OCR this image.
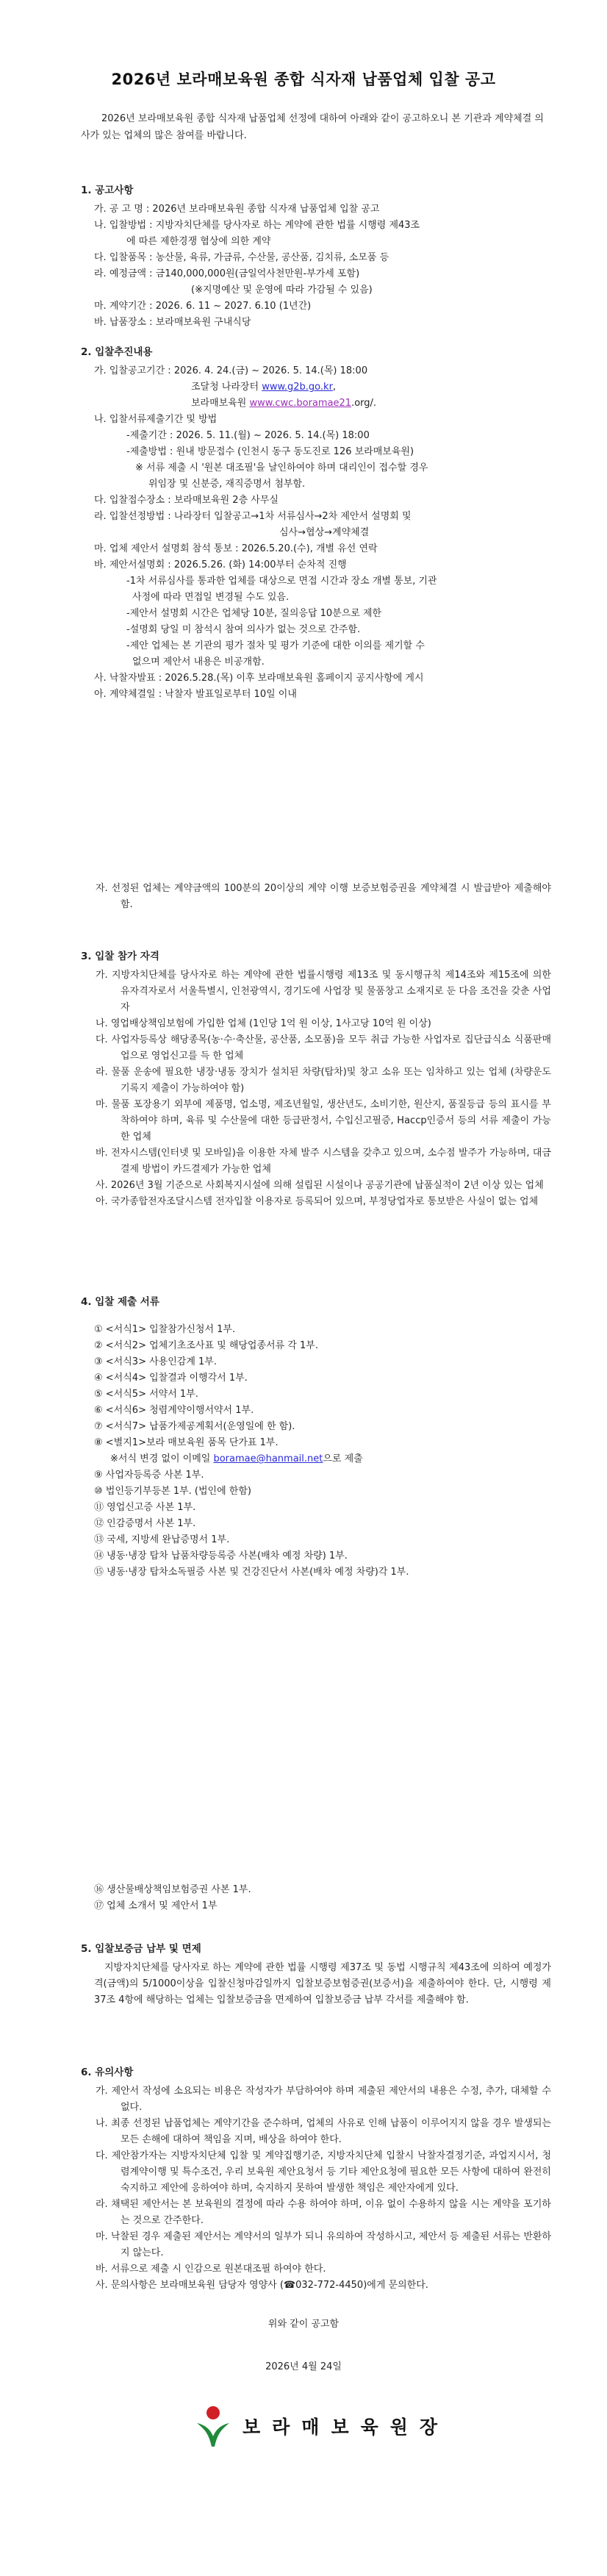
2026년 보라매보육원 종합 식자재 납품업체 입찰 공고
2026년 보라매보육원 종합 식자재 납품업체 선정에 대하여 아래와 같이 공고하오니 본 기관과 계약체결 의사가 있는 업체의 많은 참여를 바랍니다.
1. 공고사항
가. 공 고 명 : 2026년 보라매보육원 종합 식자재 납품업체 입찰 공고
나. 입찰방법 : 지방자치단체를 당사자로 하는 계약에 관한 법률 시행령 제43조
에 따른 제한경쟁 협상에 의한 계약
다. 입찰품목 : 농산물, 육류, 가금류, 수산물, 공산품, 김치류, 소모품 등
라. 예정금액 : 금140,000,000원(금일억사천만원-부가세 포함)
(※지명예산 및 운영에 따라 가감될 수 있음)
마. 계약기간 : 2026. 6. 11 ~ 2027. 6.10 (1년간)
바. 납품장소 : 보라매보육원 구내식당
2. 입찰추진내용
가. 입찰공고기간 : 2026. 4. 24.(금) ~ 2026. 5. 14.(목) 18:00
조달청 나라장터 www.g2b.go.kr,
보라매보육원 www.cwc.boramae21.org/.
나. 입찰서류제출기간 및 방법
-제출기간 : 2026. 5. 11.(월) ~ 2026. 5. 14.(목) 18:00
-제출방법 : 원내 방문접수 (인천시 동구 동도진로 126 보라매보육원)
※ 서류 제출 시 '원본 대조필'을 날인하여야 하며 대리인이 접수할 경우
위임장 및 신분증, 재직증명서 첨부함.
다. 입찰접수장소 : 보라매보육원 2층 사무실
라. 입찰선정방법 : 나라장터 입찰공고→1차 서류심사→2차 제안서 설명회 및
심사→협상→계약체결
마. 업체 제안서 설명회 참석 통보 : 2026.5.20.(수), 개별 유선 연락
바. 제안서설명회 : 2026.5.26. (화) 14:00부터 순차적 진행
-1차 서류심사를 통과한 업체를 대상으로 면접 시간과 장소 개별 통보, 기관
사정에 따라 면접일 변경될 수도 있음.
-제안서 설명회 시간은 업체당 10분, 질의응답 10분으로 제한
-설명회 당일 미 참석시 참여 의사가 없는 것으로 간주함.
-제안 업체는 본 기관의 평가 절차 및 평가 기준에 대한 이의를 제기할 수
없으며 제안서 내용은 비공개함.
사. 낙찰자발표 : 2026.5.28.(목) 이후 보라매보육원 홈페이지 공지사항에 게시
아. 계약체결일 : 낙찰자 발표일로부터 10일 이내
자. 선정된 업체는 계약금액의 100분의 20이상의 계약 이행 보증보험증권을 계약체결 시 발급받아 제출해야 함.
3. 입찰 참가 자격
가. 지방자치단체를 당사자로 하는 계약에 관한 법률시행령 제13조 및 동시행규칙 제14조와 제15조에 의한 유자격자로서 서울특별시, 인천광역시, 경기도에 사업장 및 물품창고 소재지로 둔 다음 조건을 갖춘 사업자
나. 영업배상책임보험에 가입한 업체 (1인당 1억 원 이상, 1사고당 10억 원 이상)
다. 사업자등록상 해당종목(농·수·축산물, 공산품, 소모품)을 모두 취급 가능한 사업자로 집단급식소 식품판매업으로 영업신고를 득 한 업체
라. 물품 운송에 필요한 냉장·냉동 장치가 설치된 차량(탑차)및 창고 소유 또는 임차하고 있는 업체 (차량운도 기록지 제출이 가능하여야 함)
마. 물품 포장용기 외부에 제품명, 업소명, 제조년월일, 생산년도, 소비기한, 원산지, 품질등급 등의 표시를 부착하여야 하며, 육류 및 수산물에 대한 등급판정서, 수입신고필증, Haccp인증서 등의 서류 제출이 가능한 업체
바. 전자시스템(인터넷 및 모바일)을 이용한 자체 발주 시스템을 갖추고 있으며, 소수점 발주가 가능하며, 대금결제 방법이 카드결제가 가능한 업체
사. 2026년 3월 기준으로 사회복지시설에 의해 설립된 시설이나 공공기관에 납품실적이 2년 이상 있는 업체
아. 국가종합전자조달시스템 전자입찰 이용자로 등록되어 있으며, 부정당업자로 통보받은 사실이 없는 업체
4. 입찰 제출 서류
① <서식1> 입찰참가신청서 1부.
② <서식2> 업체기초조사표 및 해당업종서류 각 1부.
③ <서식3> 사용인감계 1부.
④ <서식4> 입찰결과 이행각서 1부.
⑤ <서식5> 서약서 1부.
⑥ <서식6> 청렴계약이행서약서 1부.
⑦ <서식7> 납품가제공계획서(운영일에 한 함).
⑧ <별지1>보라 매보육원 품목 단가표 1부.
※서식 변경 없이 이메일 boramae@hanmail.net으로 제출
⑨ 사업자등록증 사본 1부.
⑩ 법인등기부등본 1부. (법인에 한함)
⑪ 영업신고증 사본 1부.
⑫ 인감증명서 사본 1부.
⑬ 국세, 지방세 완납증명서 1부.
⑭ 냉동·냉장 탑차 납품차량등록증 사본(배차 예정 차량) 1부.
⑮ 냉동·냉장 탑차소독필증 사본 및 건강진단서 사본(배차 예정 차량)각 1부.
⑯ 생산물배상책임보험증권 사본 1부.
⑰ 업체 소개서 및 제안서 1부
5. 입찰보증금 납부 및 면제
지방자치단체를 당사자로 하는 계약에 관한 법률 시행령 제37조 및 동법 시행규칙 제43조에 의하여 예정가격(금액)의 5/1000이상을 입찰신청마감일까지 입찰보증보험증권(보증서)을 제출하여야 한다. 단, 시행령 제37조 4항에 해당하는 업체는 입찰보증금을 면제하여 입찰보증금 납부 각서를 제출해야 함.
6. 유의사항
가. 제안서 작성에 소요되는 비용은 작성자가 부담하여야 하며 제출된 제안서의 내용은 수정, 추가, 대체할 수 없다.
나. 최종 선정된 납품업체는 계약기간을 준수하며, 업체의 사유로 인해 납품이 이루어지지 않을 경우 발생되는 모든 손해에 대하여 책임을 지며, 배상을 하여야 한다.
다. 제안참가자는 지방자치단체 입찰 및 계약집행기준, 지방자치단체 입찰시 낙찰자결정기준, 과업지시서, 청렴계약이행 및 특수조건, 우리 보육원 제안요청서 등 기타 제안요청에 필요한 모든 사항에 대하여 완전히 숙지하고 제안에 응하여야 하며, 숙지하지 못하여 발생한 책임은 제안자에게 있다.
라. 채택된 제안서는 본 보육원의 결정에 따라 수용 하여야 하며, 이유 없이 수용하지 않을 시는 계약을 포기하는 것으로 간주한다.
마. 낙찰된 경우 제출된 제안서는 계약서의 일부가 되니 유의하여 작성하시고, 제안서 등 제출된 서류는 반환하지 않는다.
바. 서류으로 제출 시 인감으로 원본대조필 하여야 한다.
사. 문의사항은 보라매보육원 담당자 영양사 (☎032-772-4450)에게 문의한다.
위와 같이 공고함
2026년 4월 24일
보라매보육원장
